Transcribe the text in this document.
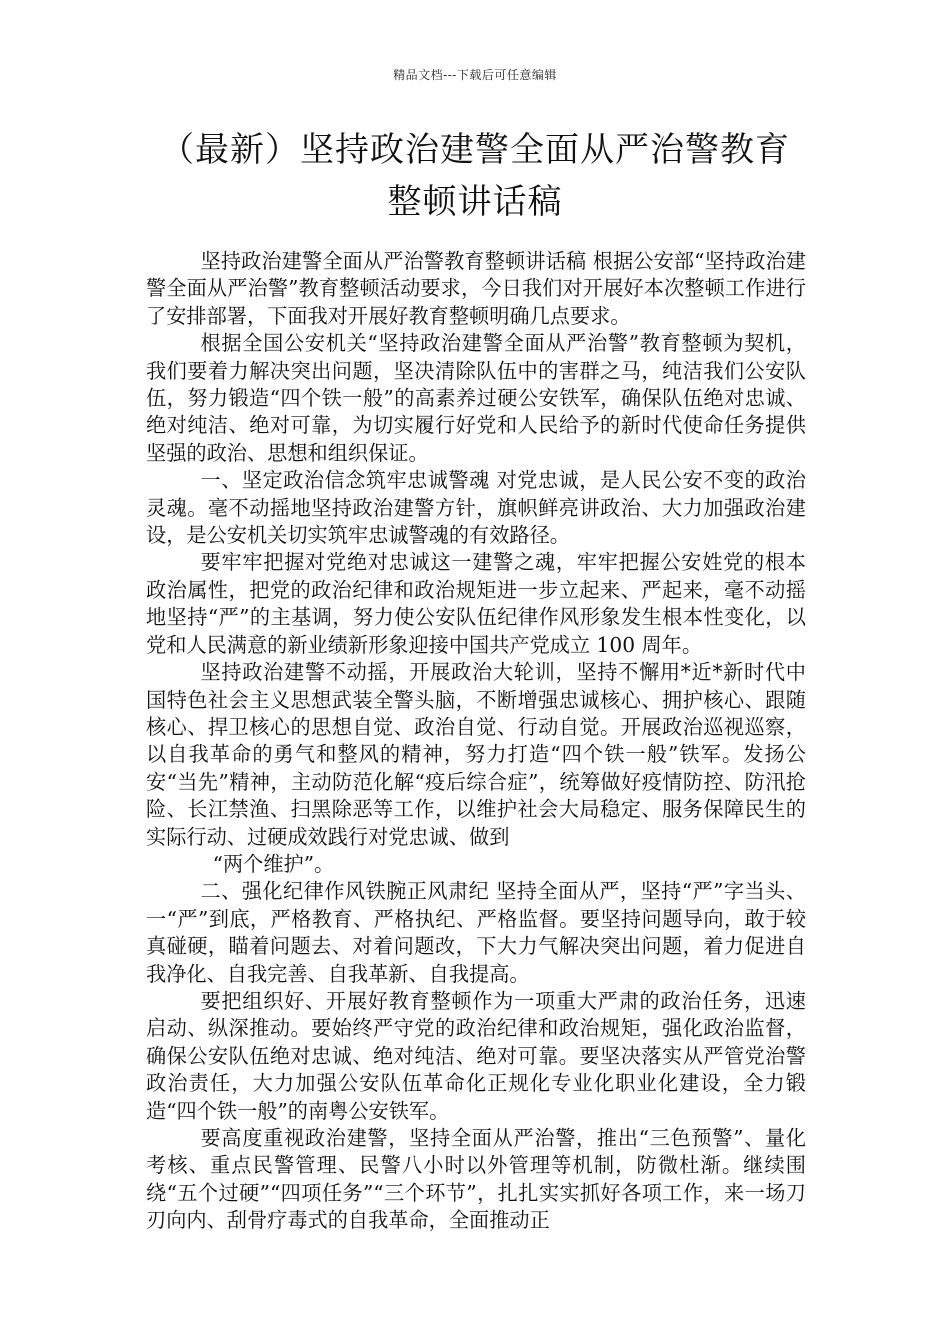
精品文档---下载后可任意编辑
（最新）坚持政治建警全面从严治警教育
整顿讲话稿

坚持政治建警全面从严治警教育整顿讲话稿 根据公安部“坚持政治建警全面从严治警”教育整顿活动要求，今日我们对开展好本次整顿工作进行了安排部署，下面我对开展好教育整顿明确几点要求。

根据全国公安机关“坚持政治建警全面从严治警”教育整顿为契机，我们要着力解决突出问题，坚决清除队伍中的害群之马，纯洁我们公安队伍，努力锻造“四个铁一般”的高素养过硬公安铁军，确保队伍绝对忠诚、绝对纯洁、绝对可靠，为切实履行好党和人民给予的新时代使命任务提供坚强的政治、思想和组织保证。

一、坚定政治信念筑牢忠诚警魂 对党忠诚，是人民公安不变的政治灵魂。毫不动摇地坚持政治建警方针，旗帜鲜亮讲政治、大力加强政治建设，是公安机关切实筑牢忠诚警魂的有效路径。

要牢牢把握对党绝对忠诚这一建警之魂，牢牢把握公安姓党的根本政治属性，把党的政治纪律和政治规矩进一步立起来、严起来，毫不动摇地坚持“严”的主基调，努力使公安队伍纪律作风形象发生根本性变化，以党和人民满意的新业绩新形象迎接中国共产党成立 100 周年。

坚持政治建警不动摇，开展政治大轮训，坚持不懈用*近*新时代中国特色社会主义思想武装全警头脑，不断增强忠诚核心、拥护核心、跟随核心、捍卫核心的思想自觉、政治自觉、行动自觉。开展政治巡视巡察，以自我革命的勇气和整风的精神，努力打造“四个铁一般”铁军。发扬公安“当先”精神，主动防范化解“疫后综合症”，统筹做好疫情防控、防汛抢险、长江禁渔、扫黑除恶等工作，以维护社会大局稳定、服务保障民生的实际行动、过硬成效践行对党忠诚、做到

“两个维护”。

二、强化纪律作风铁腕正风肃纪 坚持全面从严，坚持“严”字当头、一“严”到底，严格教育、严格执纪、严格监督。要坚持问题导向，敢于较真碰硬，瞄着问题去、对着问题改，下大力气解决突出问题，着力促进自我净化、自我完善、自我革新、自我提高。

要把组织好、开展好教育整顿作为一项重大严肃的政治任务，迅速启动、纵深推动。要始终严守党的政治纪律和政治规矩，强化政治监督，确保公安队伍绝对忠诚、绝对纯洁、绝对可靠。要坚决落实从严管党治警政治责任，大力加强公安队伍革命化正规化专业化职业化建设，全力锻造“四个铁一般”的南粤公安铁军。

要高度重视政治建警，坚持全面从严治警，推出“三色预警”、量化考核、重点民警管理、民警八小时以外管理等机制，防微杜渐。继续围绕“五个过硬”“四项任务”“三个环节”，扎扎实实抓好各项工作，来一场刀刃向内、刮骨疗毒式的自我革命，全面推动正
